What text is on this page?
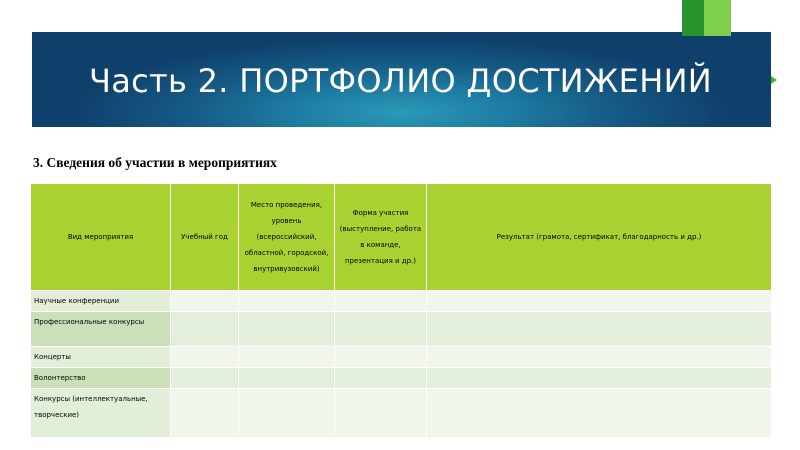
Часть 2. ПОРТФОЛИО ДОСТИЖЕНИЙ
3. Сведения об участии в мероприятиях
Вид мероприятия	Учебный год	Место проведения, уровень (всероссийский, областной, городской, внутривузовский)	Форма участия (выступление, работа в команде, презентация и др.)	Результат (грамота, сертификат, благодарность и др.)
Научные конференции				
Профессиональные конкурсы				
Концерты				
Волонтерство				
Конкурсы (интеллектуальные, творческие)				
